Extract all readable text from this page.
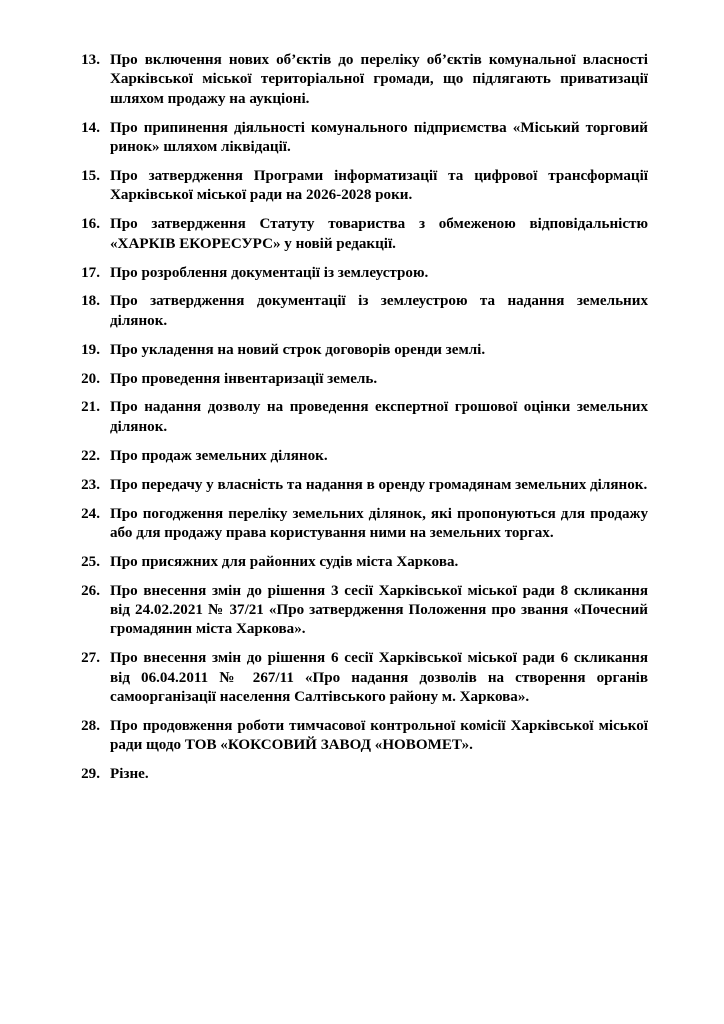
13. Про включення нових об’єктів до переліку об’єктів комунальної власності Харківської міської територіальної громади, що підлягають приватизації шляхом продажу на аукціоні.
14. Про припинення діяльності комунального підприємства «Міський торговий ринок» шляхом ліквідації.
15. Про затвердження Програми інформатизації та цифрової трансформації Харківської міської ради на 2026-2028 роки.
16. Про затвердження Статуту товариства з обмеженою відповідальністю «ХАРКІВ ЕКОРЕСУРС» у новій редакції.
17. Про розроблення документації із землеустрою.
18. Про затвердження документації із землеустрою та надання земельних ділянок.
19. Про укладення на новий строк договорів оренди землі.
20. Про проведення інвентаризації земель.
21. Про надання дозволу на проведення експертної грошової оцінки земельних ділянок.
22. Про продаж земельних ділянок.
23. Про передачу у власність та надання в оренду громадянам земельних ділянок.
24. Про погодження переліку земельних ділянок, які пропонуються для продажу або для продажу права користування ними на земельних торгах.
25. Про присяжних для районних судів міста Харкова.
26. Про внесення змін до рішення 3 сесії Харківської міської ради 8 скликання від 24.02.2021 № 37/21 «Про затвердження Положення про звання «Почесний громадянин міста Харкова».
27. Про внесення змін до рішення 6 сесії Харківської міської ради 6 скликання від 06.04.2011 № 267/11 «Про надання дозволів на створення органів самоорганізації населення Салтівського району м. Харкова».
28. Про продовження роботи тимчасової контрольної комісії Харківської міської ради щодо ТОВ «КОКСОВИЙ ЗАВОД «НОВОМЕТ».
29. Різне.
